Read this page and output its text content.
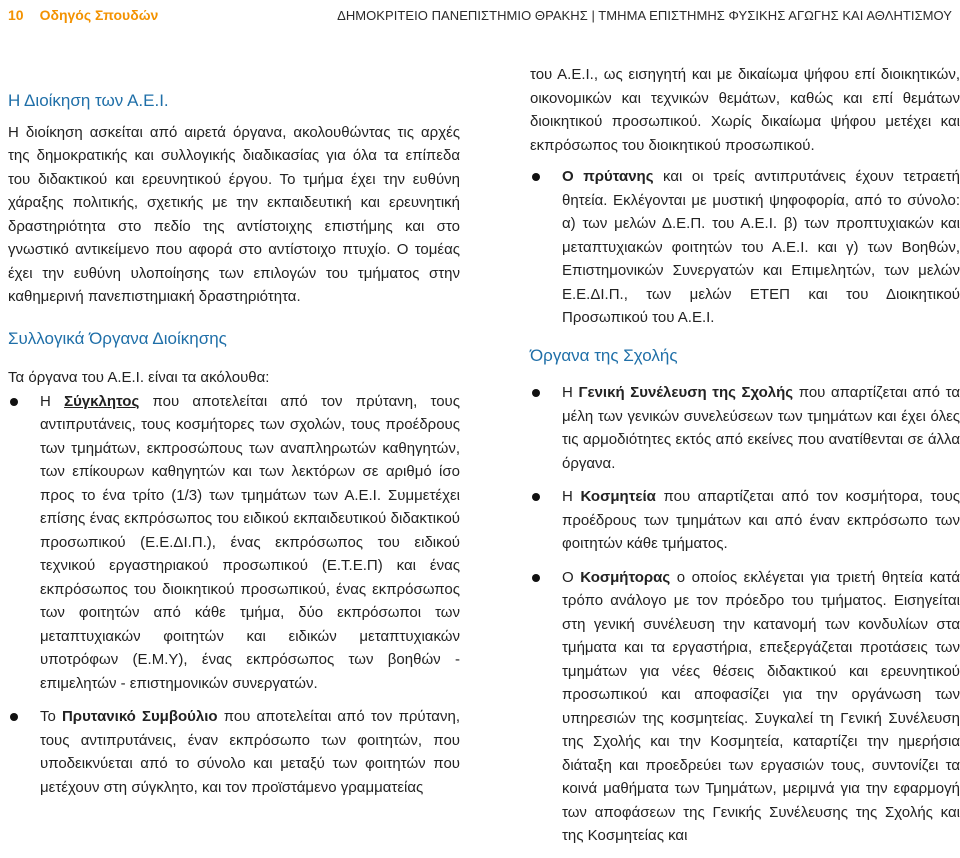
10 Οδηγός Σπουδών	ΔΗΜΟΚΡΙΤΕΙΟ ΠΑΝΕΠΙΣΤΗΜΙΟ ΘΡΑΚΗΣ | ΤΜΗΜΑ ΕΠΙΣΤΗΜΗΣ ΦΥΣΙΚΗΣ ΑΓΩΓΗΣ ΚΑΙ ΑΘΛΗΤΙΣΜΟΥ
Η Διοίκηση των Α.Ε.Ι.

Η διοίκηση ασκείται από αιρετά όργανα, ακολουθώντας τις αρχές της δημοκρατικής και συλλογικής διαδικασίας για όλα τα επίπεδα του διδακτικού και ερευνητικού έργου. Το τμήμα έχει την ευθύνη χάραξης πολιτικής, σχετικής με την εκπαιδευτική και ερευνητική δραστηριότητα στο πεδίο της αντίστοιχης επιστήμης και στο γνωστικό αντικείμενο που αφορά στο αντίστοιχο πτυχίο. Ο τομέας έχει την ευθύνη υλοποίησης των επιλογών του τμήματος στην καθημερινή πανεπιστημιακή δραστηριότητα.

Συλλογικά Όργανα Διοίκησης

Τα όργανα του Α.Ε.Ι. είναι τα ακόλουθα:

Η Σύγκλητος που αποτελείται από τον πρύτανη, τους αντιπρυτάνεις, τους κοσμήτορες των σχολών, τους προέδρους των τμημάτων, εκπροσώπους των αναπληρωτών καθηγητών, των επίκουρων καθηγητών και των λεκτόρων σε αριθμό ίσο προς το ένα τρίτο (1/3) των τμημάτων των Α.Ε.Ι. Συμμετέχει επίσης ένας εκπρόσωπος του ειδικού εκπαιδευτικού διδακτικού προσωπικού (Ε.Ε.ΔΙ.Π.), ένας εκπρόσωπος του ειδικού τεχνικού εργαστηριακού προσωπικού (Ε.Τ.Ε.Π) και ένας εκπρόσωπος του διοικητικού προσωπικού, ένας εκπρόσωπος των φοιτητών από κάθε τμήμα, δύο εκπρόσωποι των μεταπτυχιακών φοιτητών και ειδικών μεταπτυχιακών υποτρόφων (Ε.Μ.Υ), ένας εκπρόσωπος των βοηθών - επιμελητών - επιστημονικών συνεργατών.
Το Πρυτανικό Συμβούλιο που αποτελείται από τον πρύτανη, τους αντιπρυτάνεις, έναν εκπρόσωπο των φοιτητών, που υποδεικνύεται από το σύνολο και μεταξύ των φοιτητών που μετέχουν στη σύγκλητο, και τον προϊστάμενο γραμματείας

του Α.Ε.Ι., ως εισηγητή και με δικαίωμα ψήφου επί διοικητικών, οικονομικών και τεχνικών θεμάτων, καθώς και επί θεμάτων διοικητικού προσωπικού. Χωρίς δικαίωμα ψήφου μετέχει και εκπρόσωπος του διοικητικού προσωπικού.

Ο πρύτανης και οι τρείς αντιπρυτάνεις έχουν τετραετή θητεία. Εκλέγονται με μυστική ψηφοφορία, από το σύνολο: α) των μελών Δ.Ε.Π. του Α.Ε.Ι. β) των προπτυχιακών και μεταπτυχιακών φοιτητών του Α.Ε.Ι. και γ) των Βοηθών, Επιστημονικών Συνεργατών και Επιμελητών, των μελών Ε.Ε.ΔΙ.Π., των μελών ΕΤΕΠ και του Διοικητικού Προσωπικού του Α.Ε.Ι.
Όργανα της Σχολής
Η Γενική Συνέλευση της Σχολής που απαρτίζεται από τα μέλη των γενικών συνελεύσεων των τμημάτων και έχει όλες τις αρμοδιότητες εκτός από εκείνες που ανατίθενται σε άλλα όργανα.
Η Κοσμητεία που απαρτίζεται από τον κοσμήτορα, τους προέδρους των τμημάτων και από έναν εκπρόσωπο των φοιτητών κάθε τμήματος.
Ο Κοσμήτορας ο οποίος εκλέγεται για τριετή θητεία κατά τρόπο ανάλογο με τον πρόεδρο του τμήματος. Εισηγείται στη γενική συνέλευση την κατανομή των κονδυλίων στα τμήματα και τα εργαστήρια, επεξεργάζεται προτάσεις των τμημάτων για νέες θέσεις διδακτικού και ερευνητικού προσωπικού και αποφασίζει για την οργάνωση των υπηρεσιών της κοσμητείας. Συγκαλεί τη Γενική Συνέλευση της Σχολής και την Κοσμητεία, καταρτίζει την ημερήσια διάταξη και προεδρεύει των εργασιών τους, συντονίζει τα κοινά μαθήματα των Τμημάτων, μεριμνά για την εφαρμογή των αποφάσεων της Γενικής Συνέλευσης της Σχολής και της Κοσμητείας και
